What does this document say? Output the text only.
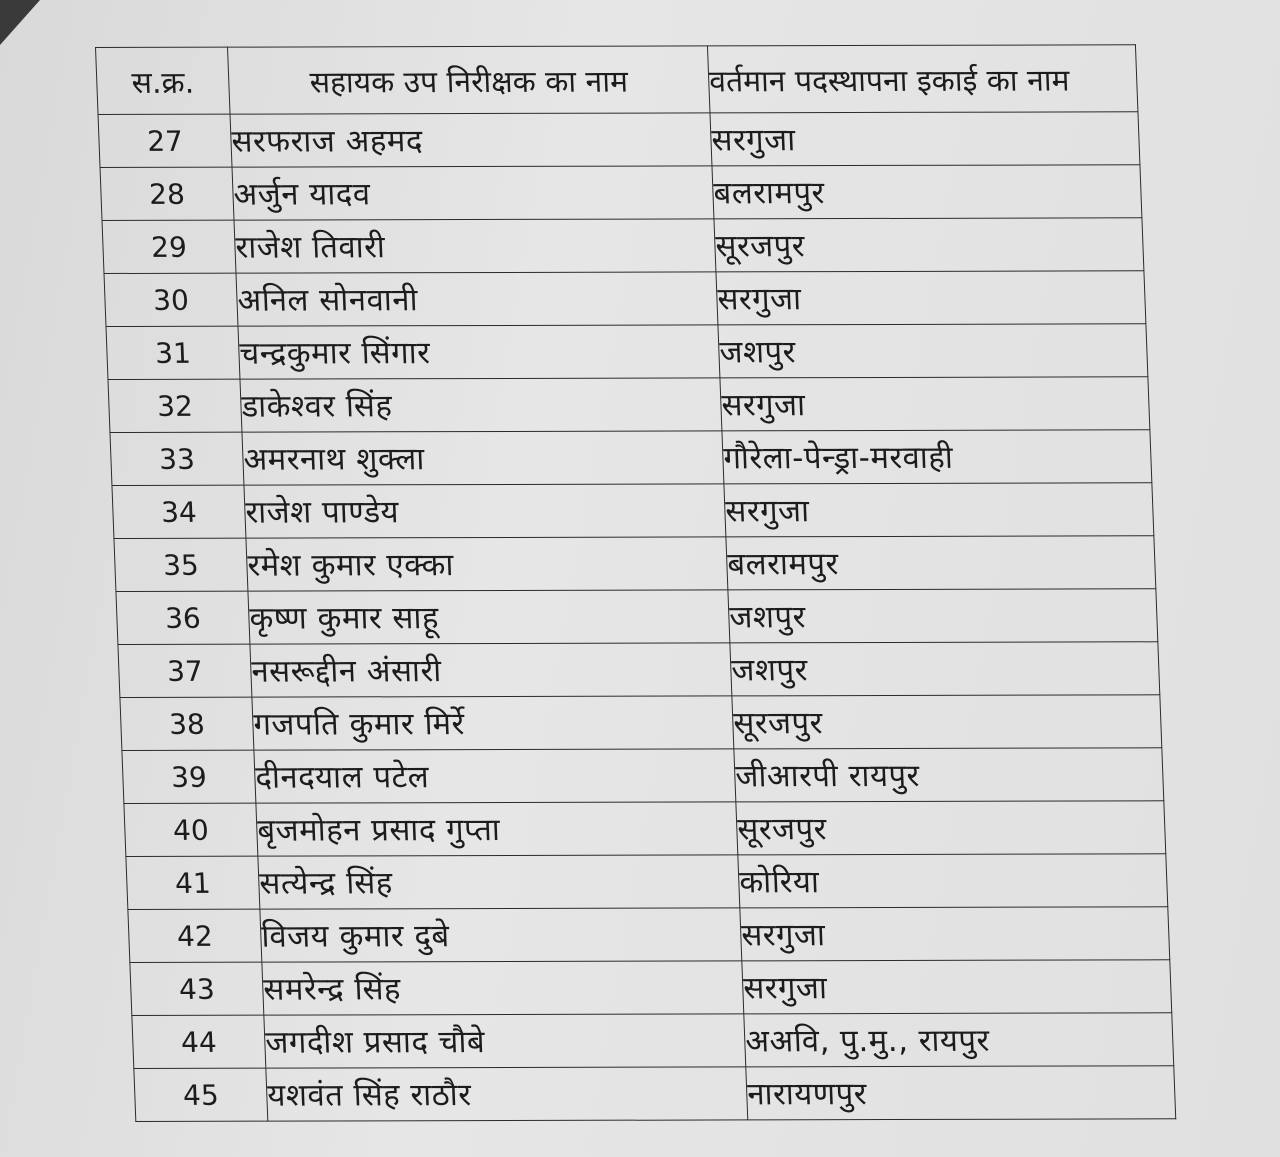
स.क्र.	सहायक उप निरीक्षक का नाम	वर्तमान पदस्थापना इकाई का नाम
27	सरफराज अहमद	सरगुजा
28	अर्जुन यादव	बलरामपुर
29	राजेश तिवारी	सूरजपुर
30	अनिल सोनवानी	सरगुजा
31	चन्द्रकुमार सिंगार	जशपुर
32	डाकेश्वर सिंह	सरगुजा
33	अमरनाथ शुक्ला	गौरेला-पेन्ड्रा-मरवाही
34	राजेश पाण्डेय	सरगुजा
35	रमेश कुमार एक्का	बलरामपुर
36	कृष्ण कुमार साहू	जशपुर
37	नसरूद्दीन अंसारी	जशपुर
38	गजपति कुमार मिर्रे	सूरजपुर
39	दीनदयाल पटेल	जीआरपी रायपुर
40	बृजमोहन प्रसाद गुप्ता	सूरजपुर
41	सत्येन्द्र सिंह	कोरिया
42	विजय कुमार दुबे	सरगुजा
43	समरेन्द्र सिंह	सरगुजा
44	जगदीश प्रसाद चौबे	अअवि, पु.मु., रायपुर
45	यशवंत सिंह राठौर	नारायणपुर
